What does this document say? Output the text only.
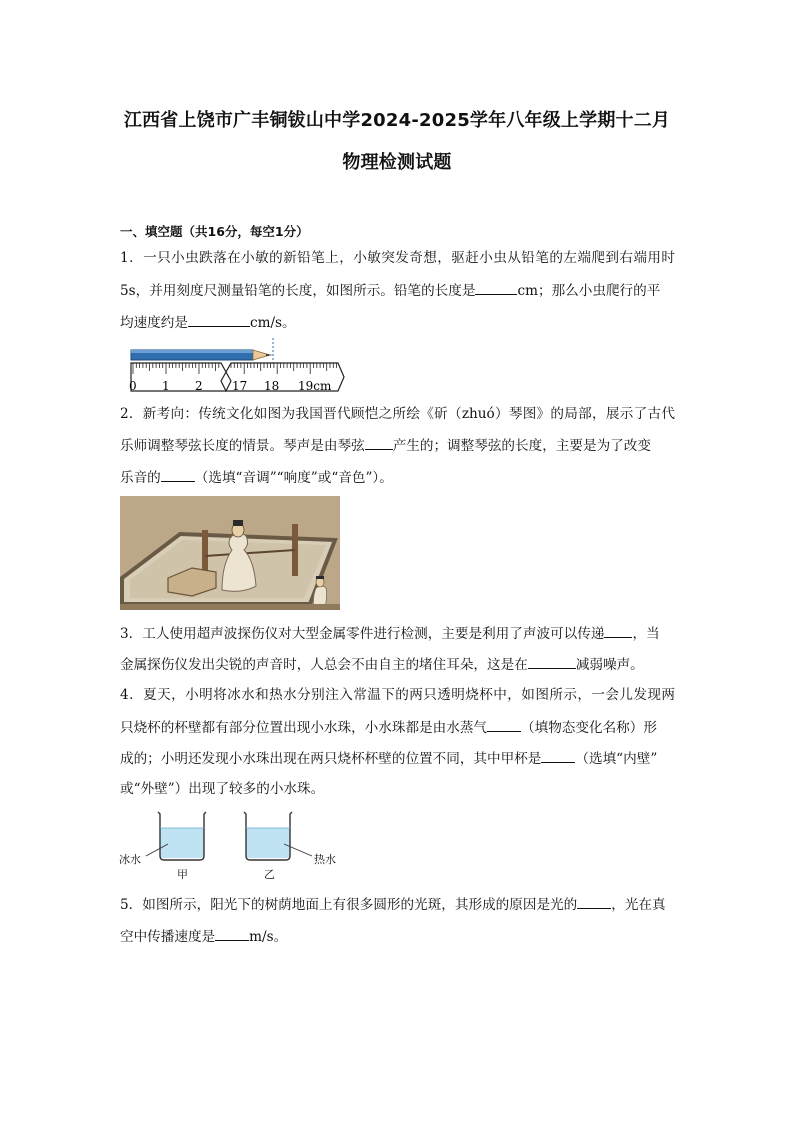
江西省上饶市广丰铜钹山中学2024-2025学年八年级上学期十二月
物理检测试题
一、填空题（共16分，每空1分）
1．一只小虫跌落在小敏的新铅笔上，小敏突发奇想，驱赶小虫从铅笔的左端爬到右端用时
5s，并用刻度尺测量铅笔的长度，如图所示。铅笔的长度是	cm；那么小虫爬行的平
均速度约是	cm/s。
0 1 2 17 18 19cm
2．新考向：传统文化如图为我国晋代顾恺之所绘《斫（zhuó）琴图》的局部，展示了古代
乐师调整琴弦长度的情景。琴声是由琴弦 产生的；调整琴弦的长度，主要是为了改变
乐音的	（选填“音调”“响度”或“音色”）。
3．工人使用超声波探伤仪对大型金属零件进行检测，主要是利用了声波可以传递 ，当
金属探伤仪发出尖锐的声音时，人总会不由自主的堵住耳朵，这是在	减弱噪声。
4．夏天，小明将冰水和热水分别注入常温下的两只透明烧杯中，如图所示，一会儿发现两
只烧杯的杯壁都有部分位置出现小水珠，小水珠都是由水蒸气	（填物态变化名称）形
成的；小明还发现小水珠出现在两只烧杯杯壁的位置不同，其中甲杯是	（选填“内壁”
或“外壁”）出现了较多的小水珠。
冰水	热水
甲	乙
5．如图所示，阳光下的树荫地面上有很多圆形的光斑，其形成的原因是光的	，光在真
空中传播速度是	m/s。
